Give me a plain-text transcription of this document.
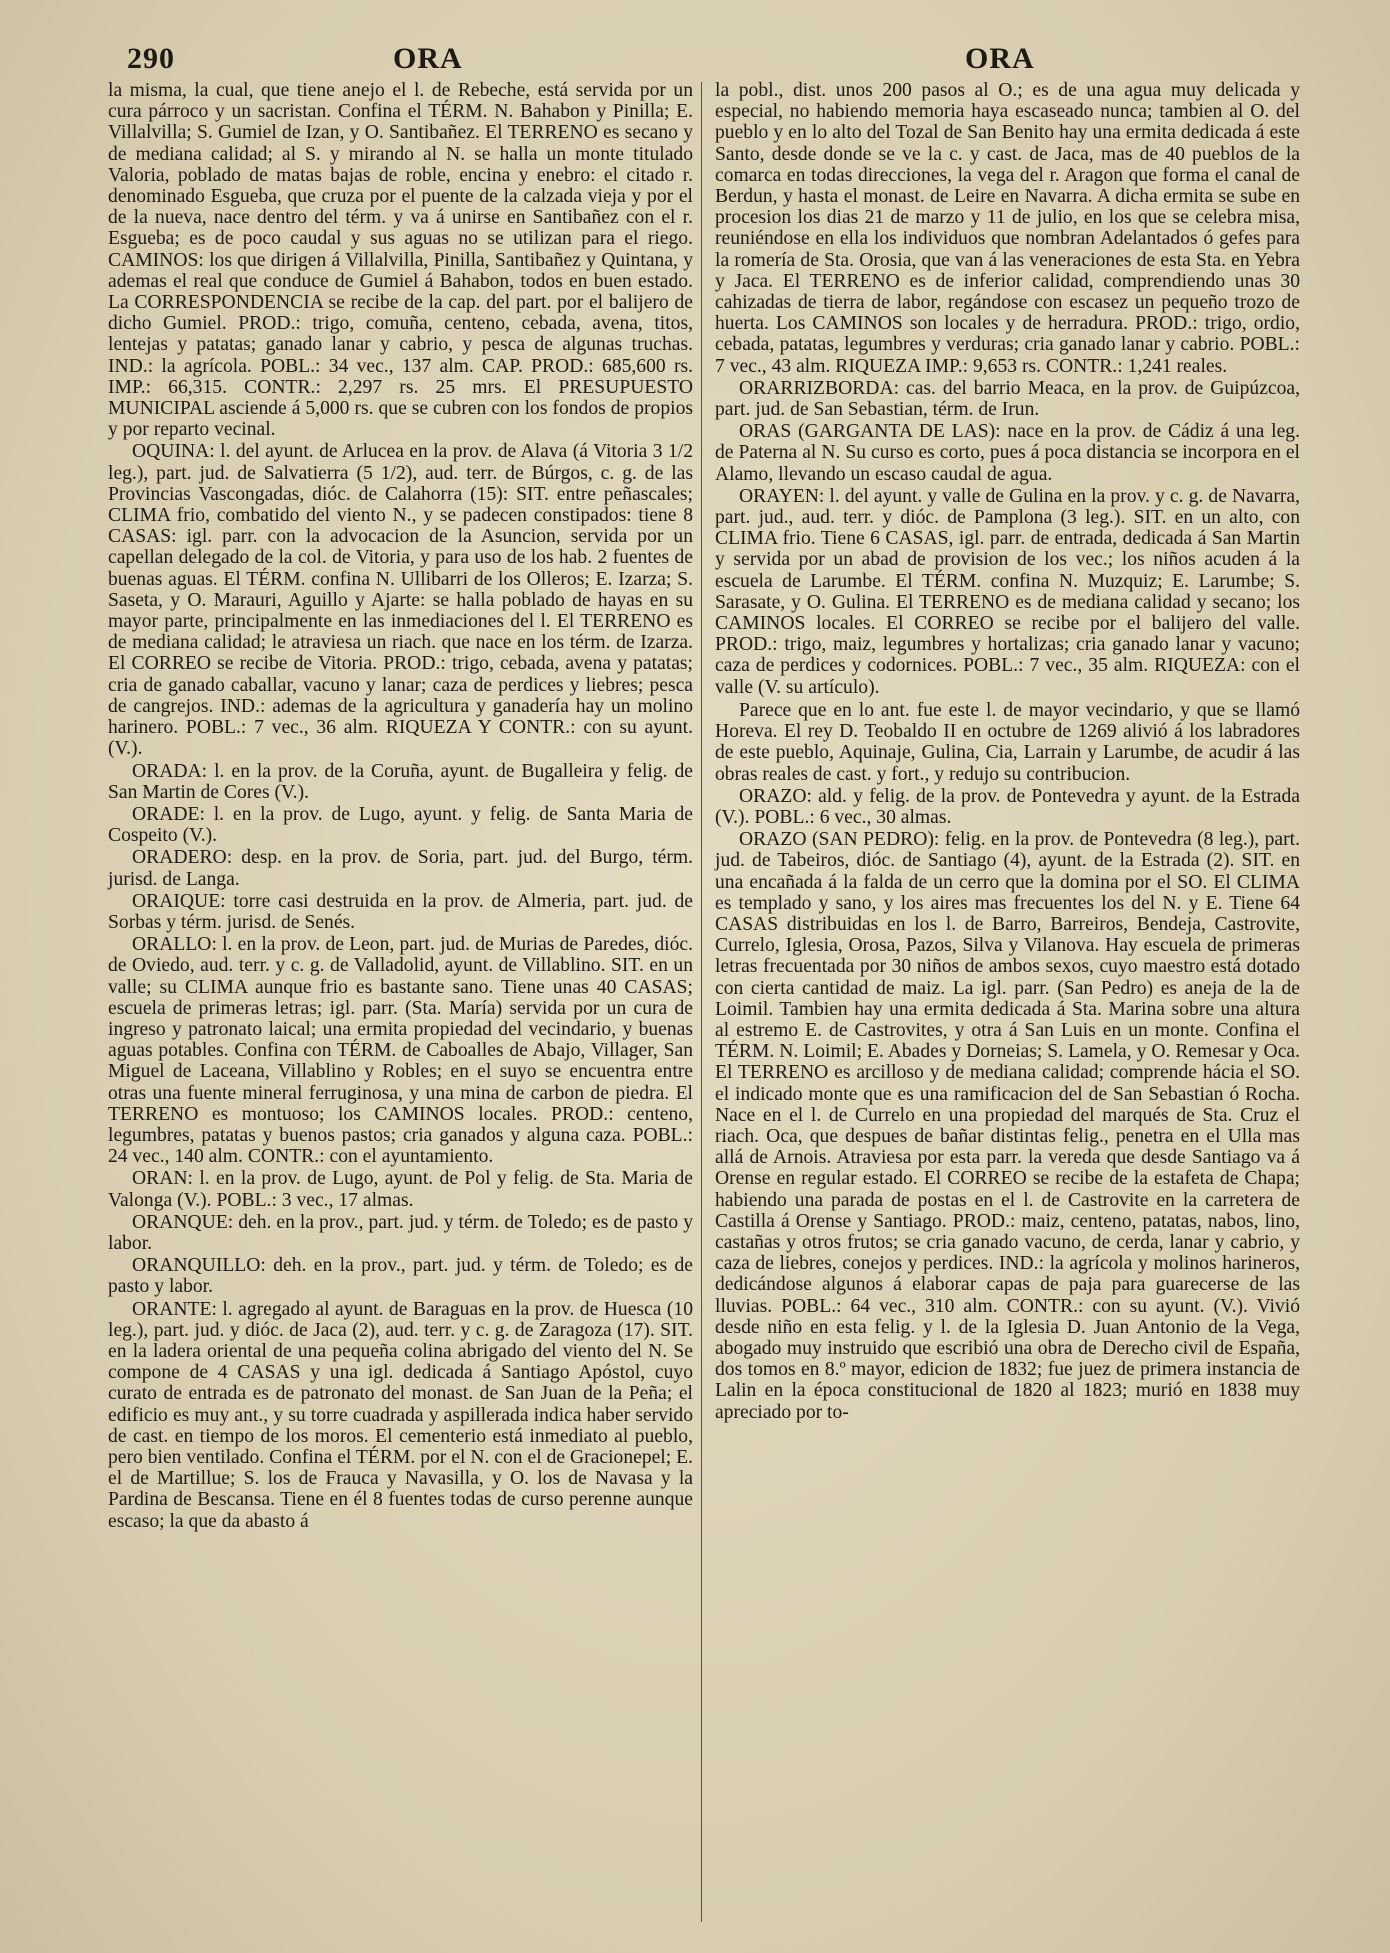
290	ORA	ORA

la misma, la cual, que tiene anejo el l. de Rebeche, está servida por un cura párroco y un sacristan. Confina el TÉRM. N. Bahabon y Pinilla; E. Villalvilla; S. Gumiel de Izan, y O. Santibañez. El TERRENO es secano y de mediana calidad; al S. y mirando al N. se halla un monte titulado Valoria, poblado de matas bajas de roble, encina y enebro: el citado r. denominado Esgueba, que cruza por el puente de la calzada vieja y por el de la nueva, nace dentro del térm. y va á unirse en Santibañez con el r. Esgueba; es de poco caudal y sus aguas no se utilizan para el riego. CAMINOS: los que dirigen á Villalvilla, Pinilla, Santibañez y Quintana, y ademas el real que conduce de Gumiel á Bahabon, todos en buen estado. La CORRESPONDENCIA se recibe de la cap. del part. por el balijero de dicho Gumiel. PROD.: trigo, comuña, centeno, cebada, avena, titos, lentejas y patatas; ganado lanar y cabrio, y pesca de algunas truchas. IND.: la agrícola. POBL.: 34 vec., 137 alm. CAP. PROD.: 685,600 rs. IMP.: 66,315. CONTR.: 2,297 rs. 25 mrs. El PRESUPUESTO MUNICIPAL asciende á 5,000 rs. que se cubren con los fondos de propios y por reparto vecinal.

OQUINA: l. del ayunt. de Arlucea en la prov. de Alava (á Vitoria 3 1/2 leg.), part. jud. de Salvatierra (5 1/2), aud. terr. de Búrgos, c. g. de las Provincias Vascongadas, dióc. de Calahorra (15): SIT. entre peñascales; CLIMA frio, combatido del viento N., y se padecen constipados: tiene 8 CASAS: igl. parr. con la advocacion de la Asuncion, servida por un capellan delegado de la col. de Vitoria, y para uso de los hab. 2 fuentes de buenas aguas. El TÉRM. confina N. Ullibarri de los Olleros; E. Izarza; S. Saseta, y O. Marauri, Aguillo y Ajarte: se halla poblado de hayas en su mayor parte, principalmente en las inmediaciones del l. El TERRENO es de mediana calidad; le atraviesa un riach. que nace en los térm. de Izarza. El CORREO se recibe de Vitoria. PROD.: trigo, cebada, avena y patatas; cria de ganado caballar, vacuno y lanar; caza de perdices y liebres; pesca de cangrejos. IND.: ademas de la agricultura y ganadería hay un molino harinero. POBL.: 7 vec., 36 alm. RIQUEZA Y CONTR.: con su ayunt. (V.).

ORADA: l. en la prov. de la Coruña, ayunt. de Bugalleira y felig. de San Martin de Cores (V.).

ORADE: l. en la prov. de Lugo, ayunt. y felig. de Santa Maria de Cospeito (V.).

ORADERO: desp. en la prov. de Soria, part. jud. del Burgo, térm. jurisd. de Langa.

ORAIQUE: torre casi destruida en la prov. de Almeria, part. jud. de Sorbas y térm. jurisd. de Senés.

ORALLO: l. en la prov. de Leon, part. jud. de Murias de Paredes, dióc. de Oviedo, aud. terr. y c. g. de Valladolid, ayunt. de Villablino. SIT. en un valle; su CLIMA aunque frio es bastante sano. Tiene unas 40 CASAS; escuela de primeras letras; igl. parr. (Sta. María) servida por un cura de ingreso y patronato laical; una ermita propiedad del vecindario, y buenas aguas potables. Confina con TÉRM. de Caboalles de Abajo, Villager, San Miguel de Laceana, Villablino y Robles; en el suyo se encuentra entre otras una fuente mineral ferruginosa, y una mina de carbon de piedra. El TERRENO es montuoso; los CAMINOS locales. PROD.: centeno, legumbres, patatas y buenos pastos; cria ganados y alguna caza. POBL.: 24 vec., 140 alm. CONTR.: con el ayuntamiento.

ORAN: l. en la prov. de Lugo, ayunt. de Pol y felig. de Sta. Maria de Valonga (V.). POBL.: 3 vec., 17 almas.

ORANQUE: deh. en la prov., part. jud. y térm. de Toledo; es de pasto y labor.

ORANQUILLO: deh. en la prov., part. jud. y térm. de Toledo; es de pasto y labor.

ORANTE: l. agregado al ayunt. de Baraguas en la prov. de Huesca (10 leg.), part. jud. y dióc. de Jaca (2), aud. terr. y c. g. de Zaragoza (17). SIT. en la ladera oriental de una pequeña colina abrigado del viento del N. Se compone de 4 CASAS y una igl. dedicada á Santiago Apóstol, cuyo curato de entrada es de patronato del monast. de San Juan de la Peña; el edificio es muy ant., y su torre cuadrada y aspillerada indica haber servido de cast. en tiempo de los moros. El cementerio está inmediato al pueblo, pero bien ventilado. Confina el TÉRM. por el N. con el de Gracionepel; E. el de Martillue; S. los de Frauca y Navasilla, y O. los de Navasa y la Pardina de Bescansa. Tiene en él 8 fuentes todas de curso perenne aunque escaso; la que da abasto á

la pobl., dist. unos 200 pasos al O.; es de una agua muy delicada y especial, no habiendo memoria haya escaseado nunca; tambien al O. del pueblo y en lo alto del Tozal de San Benito hay una ermita dedicada á este Santo, desde donde se ve la c. y cast. de Jaca, mas de 40 pueblos de la comarca en todas direcciones, la vega del r. Aragon que forma el canal de Berdun, y hasta el monast. de Leire en Navarra. A dicha ermita se sube en procesion los dias 21 de marzo y 11 de julio, en los que se celebra misa, reuniéndose en ella los individuos que nombran Adelantados ó gefes para la romería de Sta. Orosia, que van á las veneraciones de esta Sta. en Yebra y Jaca. El TERRENO es de inferior calidad, comprendiendo unas 30 cahizadas de tierra de labor, regándose con escasez un pequeño trozo de huerta. Los CAMINOS son locales y de herradura. PROD.: trigo, ordio, cebada, patatas, legumbres y verduras; cria ganado lanar y cabrio. POBL.: 7 vec., 43 alm. RIQUEZA IMP.: 9,653 rs. CONTR.: 1,241 reales.

ORARRIZBORDA: cas. del barrio Meaca, en la prov. de Guipúzcoa, part. jud. de San Sebastian, térm. de Irun.

ORAS (GARGANTA DE LAS): nace en la prov. de Cádiz á una leg. de Paterna al N. Su curso es corto, pues á poca distancia se incorpora en el Alamo, llevando un escaso caudal de agua.

ORAYEN: l. del ayunt. y valle de Gulina en la prov. y c. g. de Navarra, part. jud., aud. terr. y dióc. de Pamplona (3 leg.). SIT. en un alto, con CLIMA frio. Tiene 6 CASAS, igl. parr. de entrada, dedicada á San Martin y servida por un abad de provision de los vec.; los niños acuden á la escuela de Larumbe. El TÉRM. confina N. Muzquiz; E. Larumbe; S. Sarasate, y O. Gulina. El TERRENO es de mediana calidad y secano; los CAMINOS locales. El CORREO se recibe por el balijero del valle. PROD.: trigo, maiz, legumbres y hortalizas; cria ganado lanar y vacuno; caza de perdices y codornices. POBL.: 7 vec., 35 alm. RIQUEZA: con el valle (V. su artículo).

Parece que en lo ant. fue este l. de mayor vecindario, y que se llamó Horeva. El rey D. Teobaldo II en octubre de 1269 alivió á los labradores de este pueblo, Aquinaje, Gulina, Cia, Larrain y Larumbe, de acudir á las obras reales de cast. y fort., y redujo su contribucion.

ORAZO: ald. y felig. de la prov. de Pontevedra y ayunt. de la Estrada (V.). POBL.: 6 vec., 30 almas.

ORAZO (SAN PEDRO): felig. en la prov. de Pontevedra (8 leg.), part. jud. de Tabeiros, dióc. de Santiago (4), ayunt. de la Estrada (2). SIT. en una encañada á la falda de un cerro que la domina por el SO. El CLIMA es templado y sano, y los aires mas frecuentes los del N. y E. Tiene 64 CASAS distribuidas en los l. de Barro, Barreiros, Bendeja, Castrovite, Currelo, Iglesia, Orosa, Pazos, Silva y Vilanova. Hay escuela de primeras letras frecuentada por 30 niños de ambos sexos, cuyo maestro está dotado con cierta cantidad de maiz. La igl. parr. (San Pedro) es aneja de la de Loimil. Tambien hay una ermita dedicada á Sta. Marina sobre una altura al estremo E. de Castrovites, y otra á San Luis en un monte. Confina el TÉRM. N. Loimil; E. Abades y Dorneias; S. Lamela, y O. Remesar y Oca. El TERRENO es arcilloso y de mediana calidad; comprende hácia el SO. el indicado monte que es una ramificacion del de San Sebastian ó Rocha. Nace en el l. de Currelo en una propiedad del marqués de Sta. Cruz el riach. Oca, que despues de bañar distintas felig., penetra en el Ulla mas allá de Arnois. Atraviesa por esta parr. la vereda que desde Santiago va á Orense en regular estado. El CORREO se recibe de la estafeta de Chapa; habiendo una parada de postas en el l. de Castrovite en la carretera de Castilla á Orense y Santiago. PROD.: maiz, centeno, patatas, nabos, lino, castañas y otros frutos; se cria ganado vacuno, de cerda, lanar y cabrio, y caza de liebres, conejos y perdices. IND.: la agrícola y molinos harineros, dedicándose algunos á elaborar capas de paja para guarecerse de las lluvias. POBL.: 64 vec., 310 alm. CONTR.: con su ayunt. (V.). Vivió desde niño en esta felig. y l. de la Iglesia D. Juan Antonio de la Vega, abogado muy instruido que escribió una obra de Derecho civil de España, dos tomos en 8.º mayor, edicion de 1832; fue juez de primera instancia de Lalin en la época constitucional de 1820 al 1823; murió en 1838 muy apreciado por to-
